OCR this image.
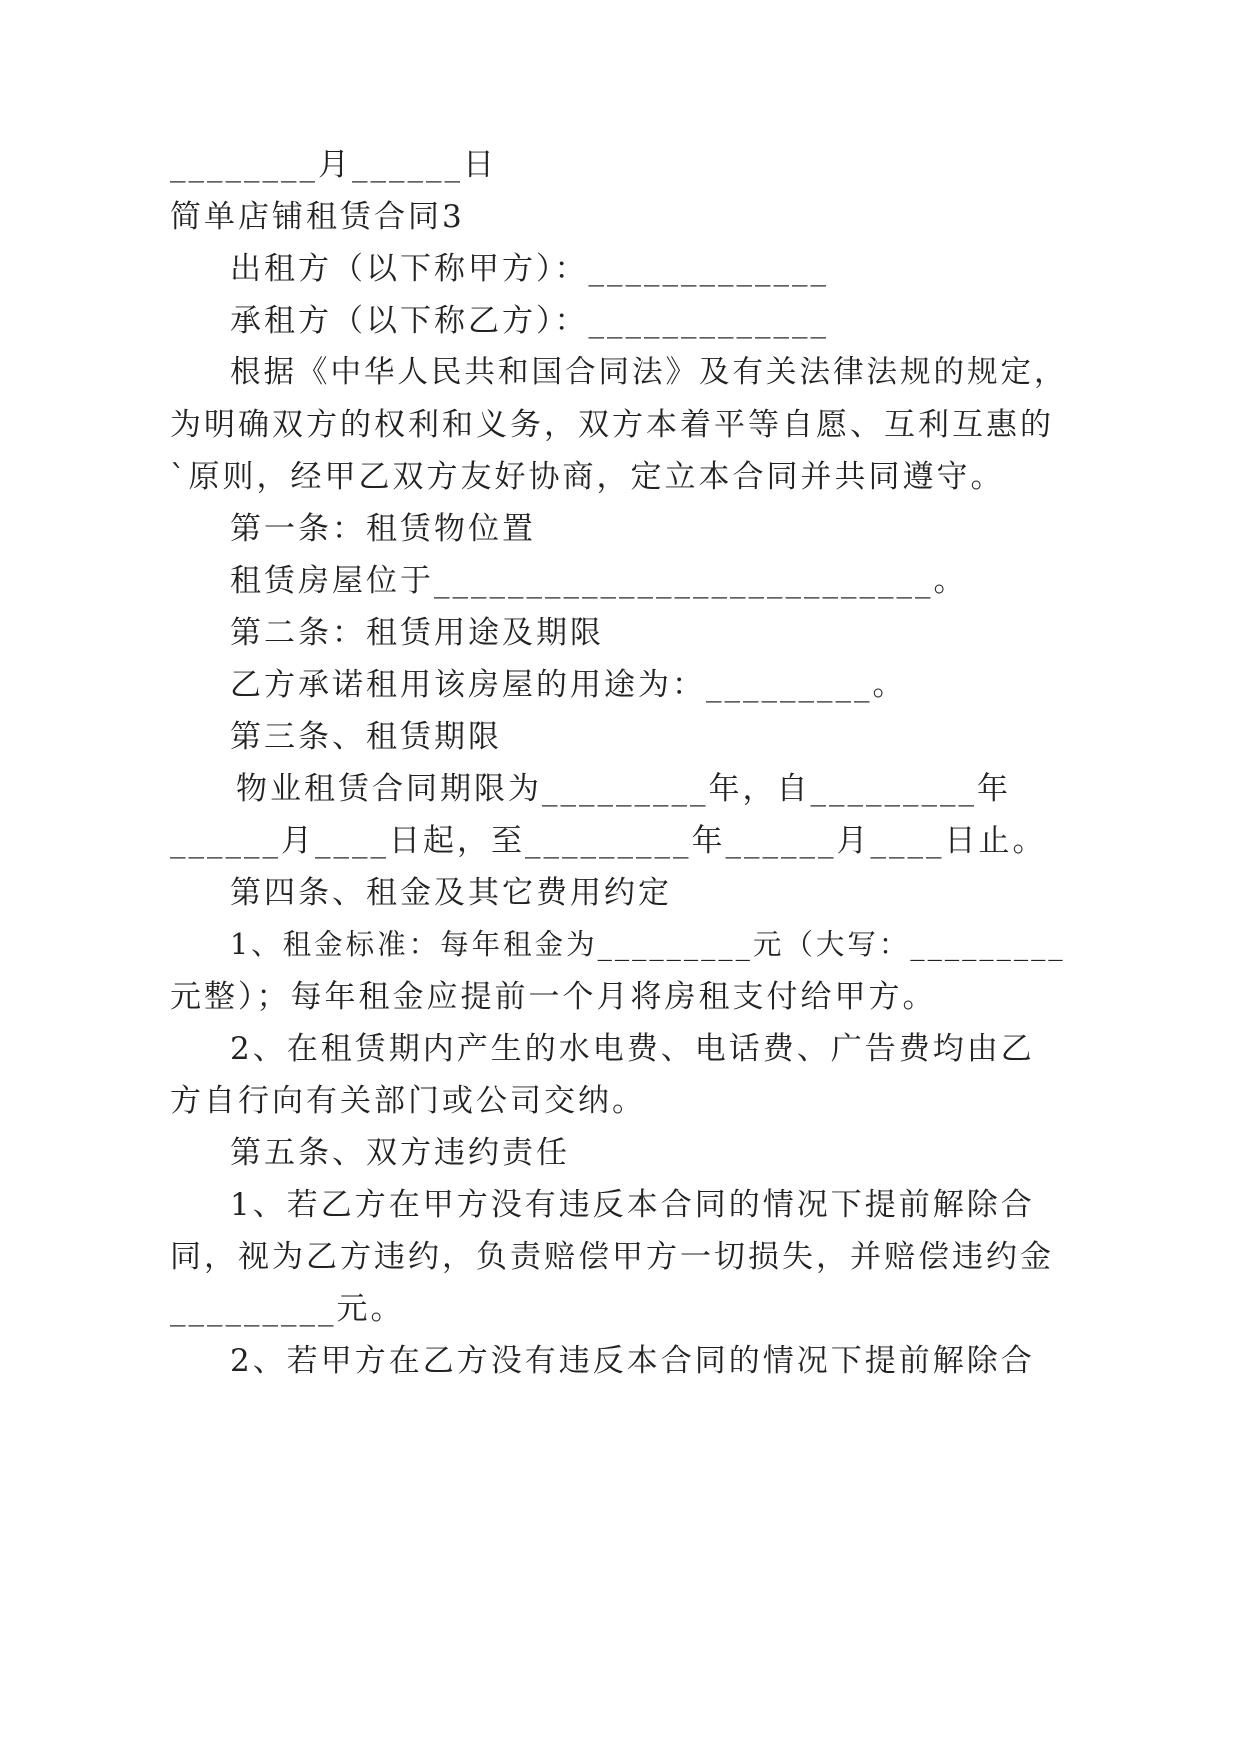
________月______日
简单店铺租赁合同3
出租方（以下称甲方）：_____________
承租方（以下称乙方）：_____________
根据《中华人民共和国合同法》及有关法律法规的规定，
为明确双方的权利和义务，双方本着平等自愿、互利互惠的
`原则，经甲乙双方友好协商，定立本合同并共同遵守。
第一条：租赁物位置
租赁房屋位于___________________________。
第二条：租赁用途及期限
乙方承诺租用该房屋的用途为：_________。
第三条、租赁期限
物业租赁合同期限为_________年，自_________年
______月____日起，至_________年______月____日止。
第四条、租金及其它费用约定
1、租金标准：每年租金为_________元（大写：_________
元整）；每年租金应提前一个月将房租支付给甲方。
2、在租赁期内产生的水电费、电话费、广告费均由乙
方自行向有关部门或公司交纳。
第五条、双方违约责任
1、若乙方在甲方没有违反本合同的情况下提前解除合
同，视为乙方违约，负责赔偿甲方一切损失，并赔偿违约金
_________元。
2、若甲方在乙方没有违反本合同的情况下提前解除合
